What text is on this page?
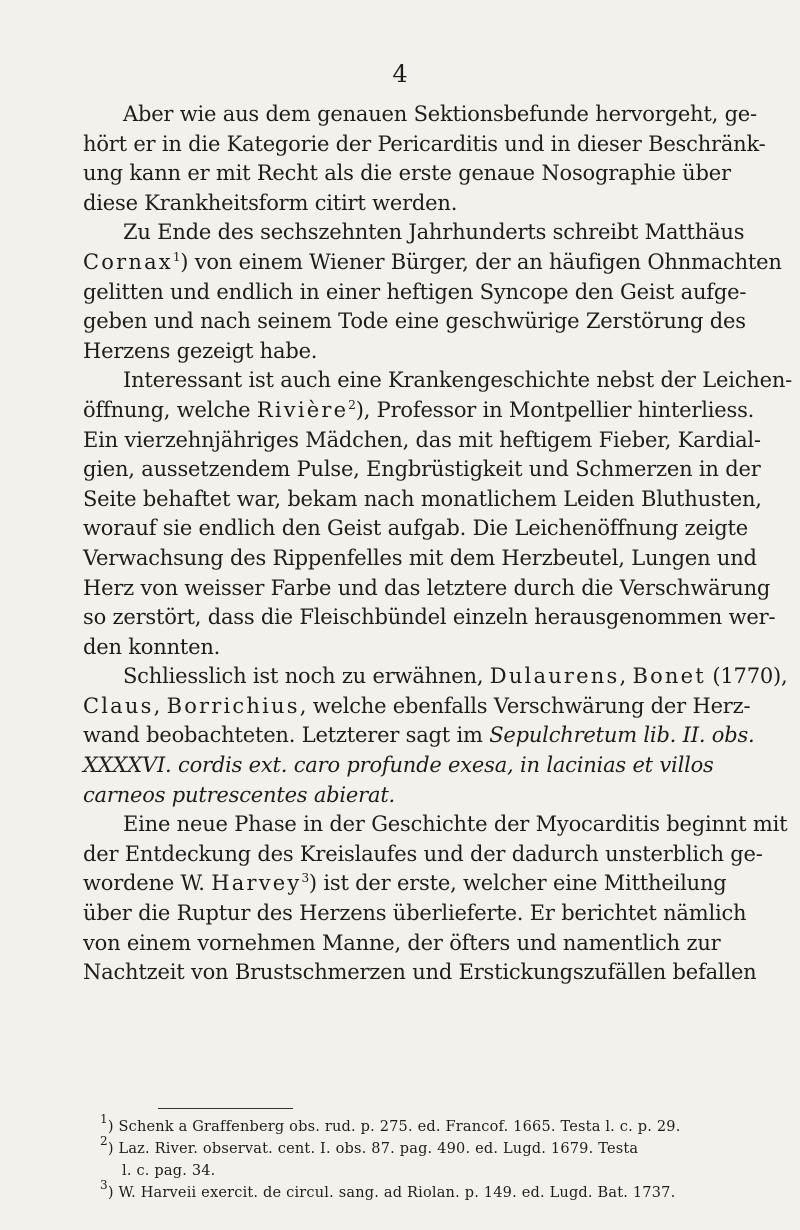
4
Aber wie aus dem genauen Sektionsbefunde hervorgeht, ge-
hört er in die Kategorie der Pericarditis und in dieser Beschränk-
ung kann er mit Recht als die erste genaue Nosographie über
diese Krankheitsform citirt werden.
Zu Ende des sechszehnten Jahrhunderts schreibt Matthäus
Cornax$^1$) von einem Wiener Bürger, der an häufigen Ohnmachten
gelitten und endlich in einer heftigen Syncope den Geist aufge-
geben und nach seinem Tode eine geschwürige Zerstörung des
Herzens gezeigt habe.
Interessant ist auch eine Krankengeschichte nebst der Leichen-
öffnung, welche Rivière$^2$), Professor in Montpellier hinterliess.
Ein vierzehnjähriges Mädchen, das mit heftigem Fieber, Kardial-
gien, aussetzendem Pulse, Engbrüstigkeit und Schmerzen in der
Seite behaftet war, bekam nach monatlichem Leiden Bluthusten,
worauf sie endlich den Geist aufgab. Die Leichenöffnung zeigte
Verwachsung des Rippenfelles mit dem Herzbeutel, Lungen und
Herz von weisser Farbe und das letztere durch die Verschwärung
so zerstört, dass die Fleischbündel einzeln herausgenommen wer-
den konnten.
Schliesslich ist noch zu erwähnen, Dulaurens, Bonet (1770),
Claus, Borrichius, welche ebenfalls Verschwärung der Herz-
wand beobachteten. Letzterer sagt im Sepulchretum lib. II. obs.
XXXXVI. cordis ext. caro profunde exesa, in lacinias et villos
carneos putrescentes abierat.
Eine neue Phase in der Geschichte der Myocarditis beginnt mit
der Entdeckung des Kreislaufes und der dadurch unsterblich ge-
wordene W. Harvey$^3$) ist der erste, welcher eine Mittheilung
über die Ruptur des Herzens überlieferte. Er berichtet nämlich
von einem vornehmen Manne, der öfters und namentlich zur
Nachtzeit von Brustschmerzen und Erstickungszufällen befallen
$^1$) Schenk a Graffenberg obs. rud. p. 275. ed. Francof. 1665. Testa l. c. p. 29.
$^2$) Laz. River. observat. cent. I. obs. 87. pag. 490. ed. Lugd. 1679. Testa
l. c. pag. 34.
$^3$) W. Harveii exercit. de circul. sang. ad Riolan. p. 149. ed. Lugd. Bat. 1737.
